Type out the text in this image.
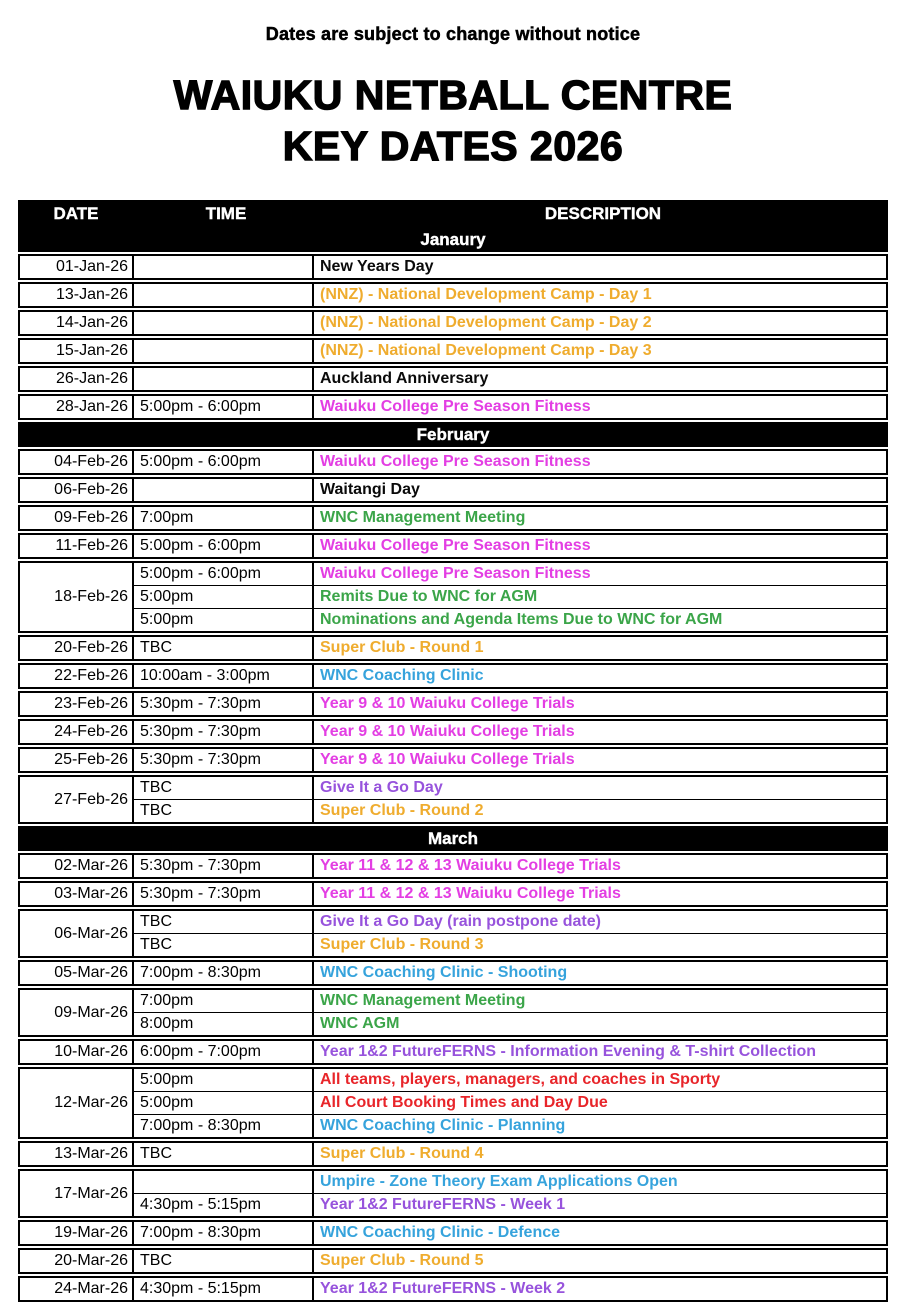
Dates are subject to change without notice
WAIUKU NETBALL CENTRE
KEY DATES 2026
DATE	TIME	DESCRIPTION
Janaury
01-Jan-26	New Years Day
13-Jan-26	(NNZ) - National Development Camp - Day 1
14-Jan-26	(NNZ) - National Development Camp - Day 2
15-Jan-26	(NNZ) - National Development Camp - Day 3
26-Jan-26	Auckland Anniversary
28-Jan-26 5:00pm - 6:00pm	Waiuku College Pre Season Fitness
February
04-Feb-26 5:00pm - 6:00pm	Waiuku College Pre Season Fitness
06-Feb-26	Waitangi Day
09-Feb-26 7:00pm	WNC Management Meeting
11-Feb-26 5:00pm - 6:00pm	Waiuku College Pre Season Fitness
18-Feb-26
5:00pm - 6:00pm	Waiuku College Pre Season Fitness
5:00pm	Remits Due to WNC for AGM
5:00pm	Nominations and Agenda Items Due to WNC for AGM
20-Feb-26 TBC	Super Club - Round 1
22-Feb-26 10:00am - 3:00pm	WNC Coaching Clinic
23-Feb-26 5:30pm - 7:30pm	Year 9 & 10 Waiuku College Trials
24-Feb-26 5:30pm - 7:30pm	Year 9 & 10 Waiuku College Trials
25-Feb-26 5:30pm - 7:30pm	Year 9 & 10 Waiuku College Trials
27-Feb-26
TBC	Give It a Go Day
TBC	Super Club - Round 2
March
02-Mar-26 5:30pm - 7:30pm	Year 11 & 12 & 13 Waiuku College Trials
03-Mar-26 5:30pm - 7:30pm	Year 11 & 12 & 13 Waiuku College Trials
06-Mar-26
TBC	Give It a Go Day (rain postpone date)
TBC	Super Club - Round 3
05-Mar-26 7:00pm - 8:30pm	WNC Coaching Clinic - Shooting
09-Mar-26
7:00pm	WNC Management Meeting
8:00pm	WNC AGM
10-Mar-26 6:00pm - 7:00pm	Year 1&2 FutureFERNS - Information Evening & T-shirt Collection
12-Mar-26
5:00pm	All teams, players, managers, and coaches in Sporty
5:00pm	All Court Booking Times and Day Due
7:00pm - 8:30pm	WNC Coaching Clinic - Planning
13-Mar-26 TBC	Super Club - Round 4
17-Mar-26
Umpire - Zone Theory Exam Applications Open
4:30pm - 5:15pm	Year 1&2 FutureFERNS - Week 1
19-Mar-26 7:00pm - 8:30pm	WNC Coaching Clinic - Defence
20-Mar-26 TBC	Super Club - Round 5
24-Mar-26 4:30pm - 5:15pm	Year 1&2 FutureFERNS - Week 2
